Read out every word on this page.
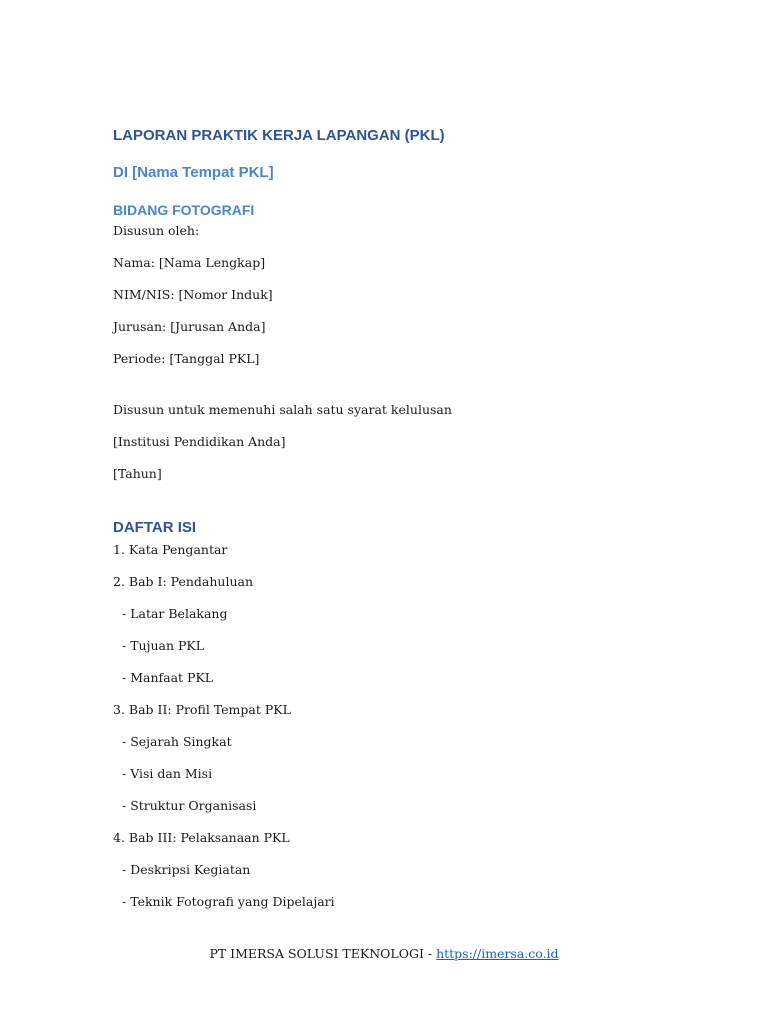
LAPORAN PRAKTIK KERJA LAPANGAN (PKL)
DI [Nama Tempat PKL]
BIDANG FOTOGRAFI

Disusun oleh:

Nama: [Nama Lengkap]

NIM/NIS: [Nomor Induk]

Jurusan: [Jurusan Anda]

Periode: [Tanggal PKL]

Disusun untuk memenuhi salah satu syarat kelulusan

[Institusi Pendidikan Anda]

[Tahun]

DAFTAR ISI

1. Kata Pengantar

2. Bab I: Pendahuluan

- Latar Belakang

- Tujuan PKL

- Manfaat PKL

3. Bab II: Profil Tempat PKL

- Sejarah Singkat

- Visi dan Misi

- Struktur Organisasi

4. Bab III: Pelaksanaan PKL

- Deskripsi Kegiatan

- Teknik Fotografi yang Dipelajari

PT IMERSA SOLUSI TEKNOLOGI - https://imersa.co.id
